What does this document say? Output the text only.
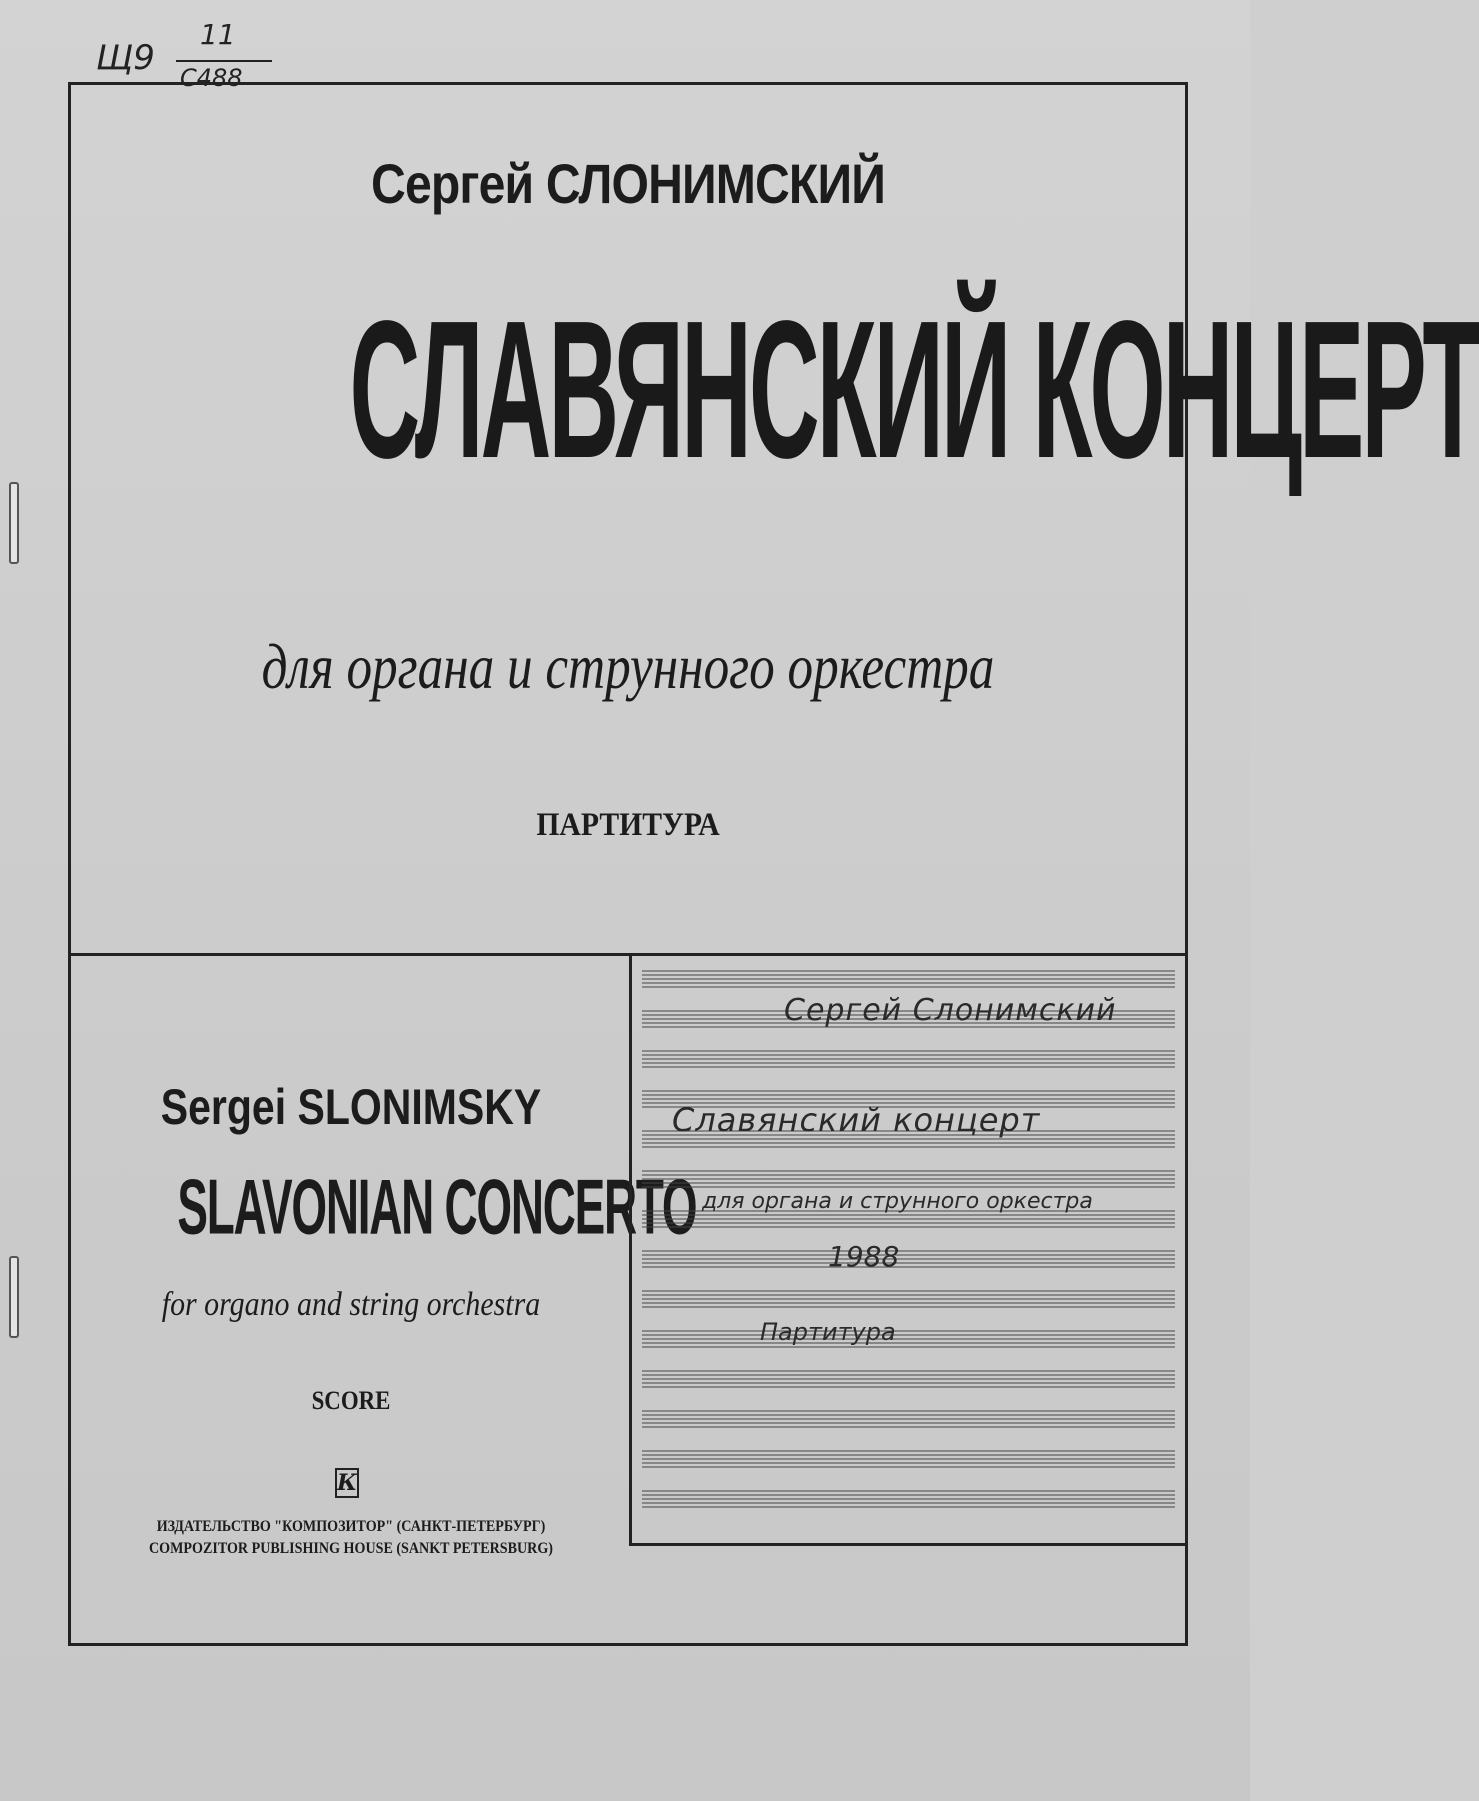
Щ9
11
С488
Сергей СЛОНИМСКИЙ
СЛАВЯНСКИЙ КОНЦЕРТ
для органа и струнного оркестра
ПАРТИТУРА
Sergei SLONIMSKY
SLAVONIAN CONCERTO
for organo and string orchestra
SCORE
К
ИЗДАТЕЛЬСТВО "КОМПОЗИТОР" (САНКТ-ПЕТЕРБУРГ)
COMPOZITOR PUBLISHING HOUSE (SANKT PETERSBURG)
Сергей Слонимский
Славянский концерт
для органа и струнного оркестра
1988
Партитура
